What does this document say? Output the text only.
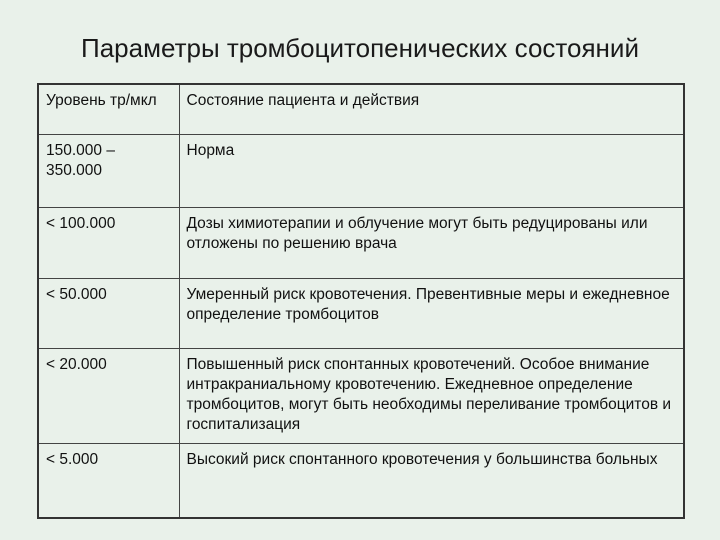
Параметры тромбоцитопенических состояний
Уровень тр/мкл	Состояние пациента и действия
150.000 – 350.000	Норма
< 100.000	Дозы химиотерапии и облучение могут быть редуцированы или отложены по решению врача
< 50.000	Умеренный риск кровотечения. Превентивные меры и ежедневное определение тромбоцитов
< 20.000	Повышенный риск спонтанных кровотечений. Особое внимание интракраниальному кровотечению. Ежедневное определение тромбоцитов, могут быть необходимы переливание тромбоцитов и госпитализация
< 5.000	Высокий риск спонтанного кровотечения у большинства больных
